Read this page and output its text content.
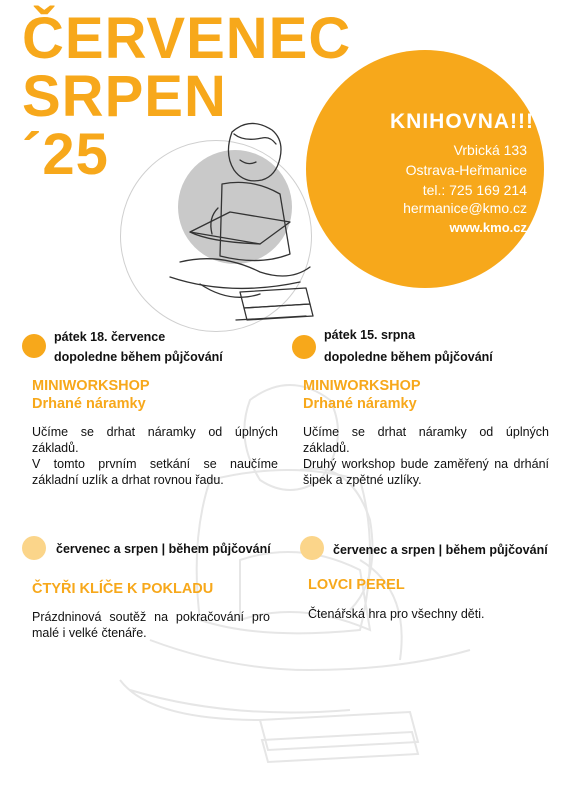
ČERVENEC
SRPEN
´25
KNIHOVNA!!!
Vrbická 133
Ostrava-Heřmanice
tel.: 725 169 214
hermanice@kmo.cz
www.kmo.cz
pátek 18. července
dopoledne během půjčování
MINIWORKSHOP
Drhané náramky
Učíme se drhat náramky od úplných základů.
V tomto prvním setkání se naučíme základní uzlík a drhat rovnou řadu.
pátek 15. srpna
dopoledne během půjčování
MINIWORKSHOP
Drhané náramky
Učíme se drhat náramky od úplných základů.
Druhý workshop bude zaměřený na drhání šipek a zpětné uzlíky.
červenec a srpen | během půjčování
ČTYŘI KLÍČE K POKLADU
Prázdninová soutěž na pokračování pro malé i velké čtenáře.
červenec a srpen | během půjčování
LOVCI PEREL
Čtenářská hra pro všechny děti.
